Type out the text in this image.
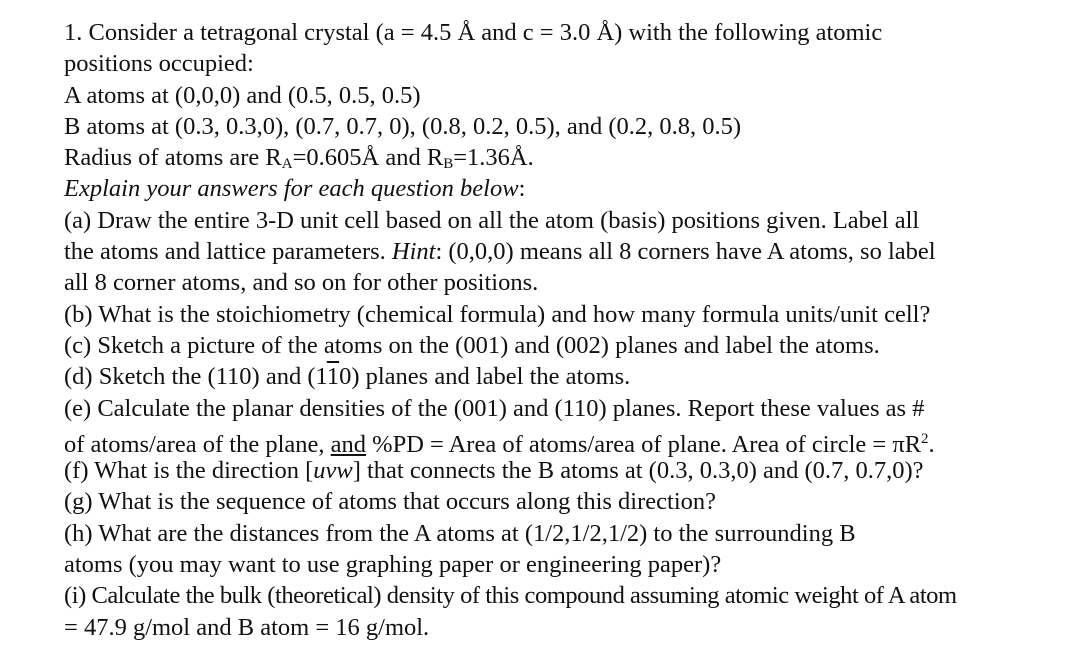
1. Consider a tetragonal crystal (a = 4.5 Å and c = 3.0 Å) with the following atomic
positions occupied:
A atoms at (0,0,0) and (0.5, 0.5, 0.5)
B atoms at (0.3, 0.3,0), (0.7, 0.7, 0), (0.8, 0.2, 0.5), and (0.2, 0.8, 0.5)
Radius of atoms are $R_A=0.605Å$ and $R_B=1.36Å$.
Explain your answers for each question below:
(a) Draw the entire 3-D unit cell based on all the atom (basis) positions given. Label all
the atoms and lattice parameters. Hint: (0,0,0) means all 8 corners have A atoms, so label
all 8 corner atoms, and so on for other positions.
(b) What is the stoichiometry (chemical formula) and how many formula units/unit cell?
(c) Sketch a picture of the atoms on the (001) and (002) planes and label the atoms.
(d) Sketch the (110) and (110) planes and label the atoms.
(e) Calculate the planar densities of the (001) and (110) planes. Report these values as #
of atoms/area of the plane, and %PD = Area of atoms/area of plane. Area of circle = $\pi R^2$.
(f) What is the direction [uvw] that connects the B atoms at (0.3, 0.3,0) and (0.7, 0.7,0)?
(g) What is the sequence of atoms that occurs along this direction?
(h) What are the distances from the A atoms at (1/2,1/2,1/2) to the surrounding B
atoms (you may want to use graphing paper or engineering paper)?
(i) Calculate the bulk (theoretical) density of this compound assuming atomic weight of A atom
= 47.9 g/mol and B atom = 16 g/mol.
